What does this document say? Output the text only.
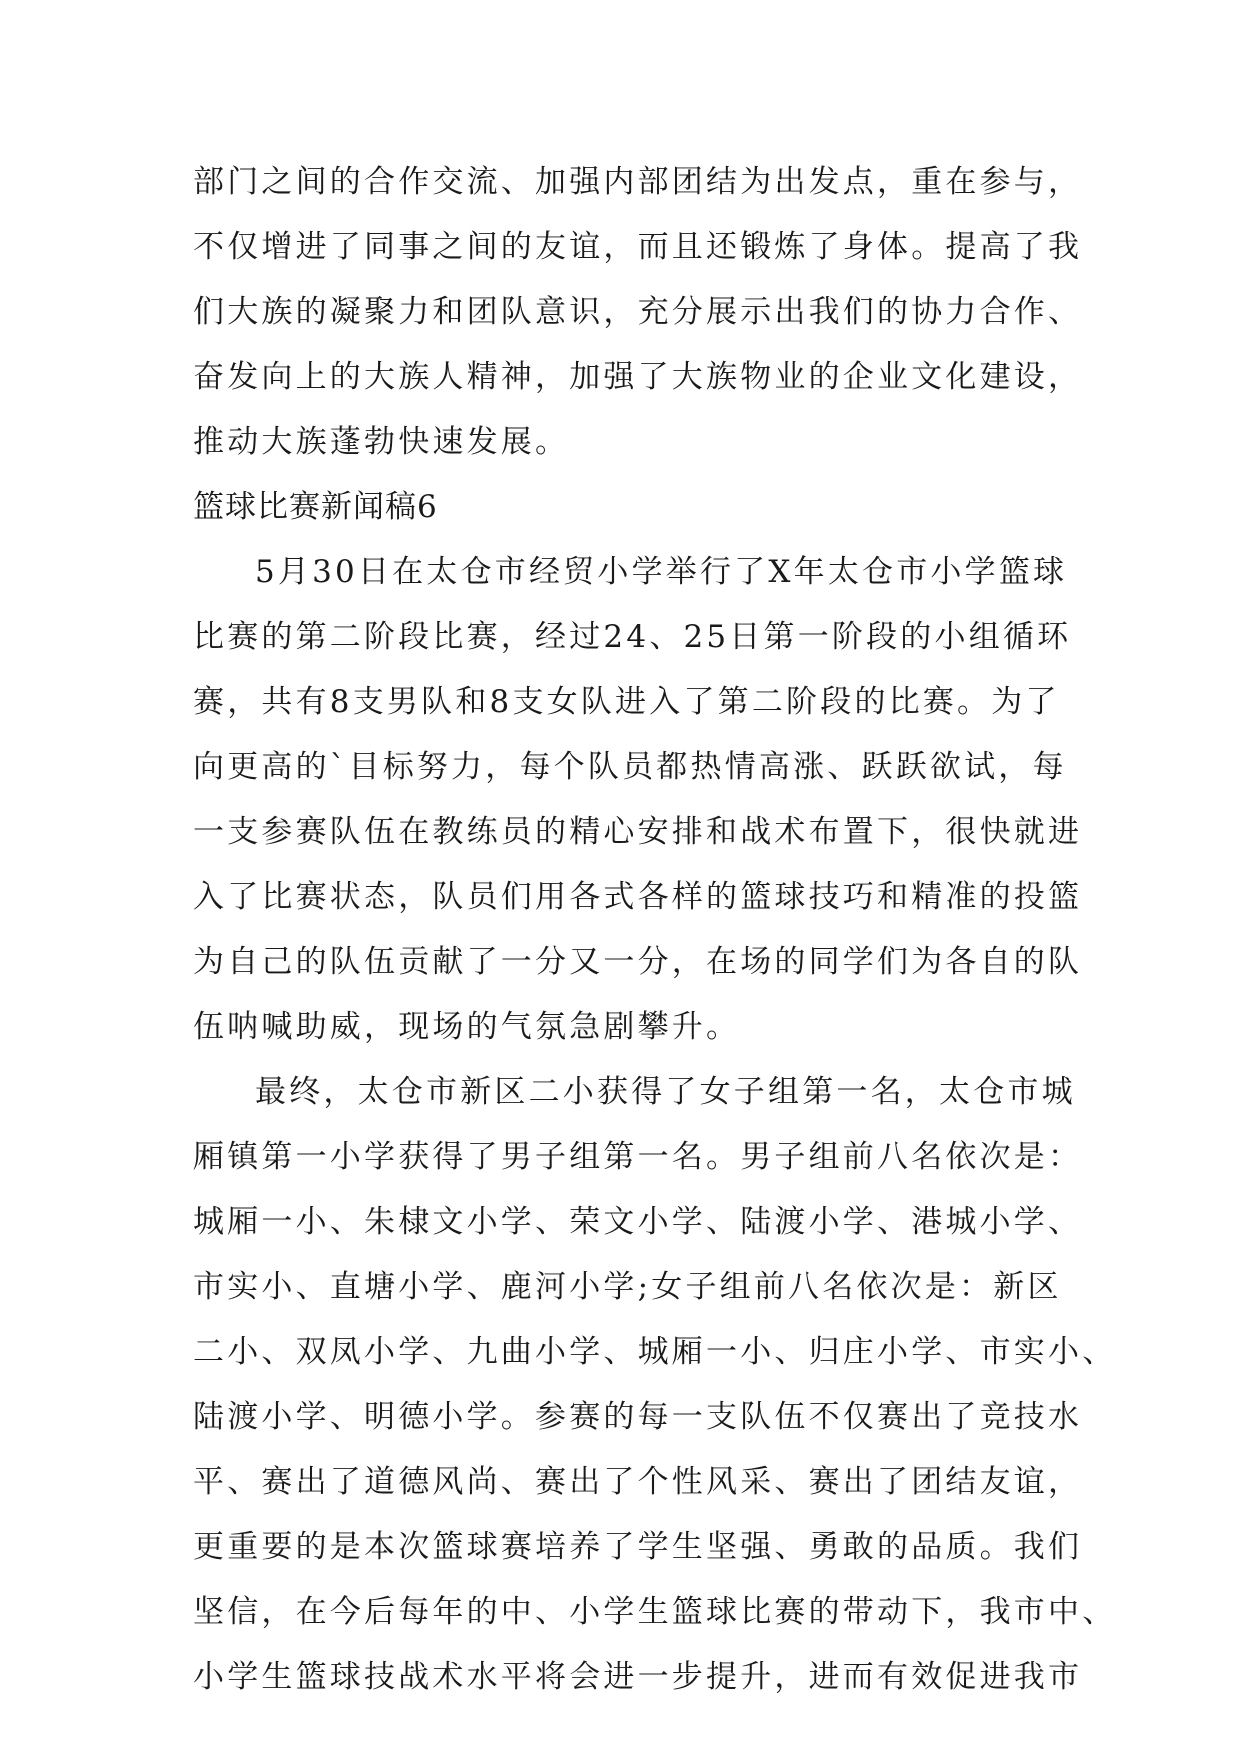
部门之间的合作交流、加强内部团结为出发点，重在参与，
不仅增进了同事之间的友谊，而且还锻炼了身体。提高了我
们大族的凝聚力和团队意识，充分展示出我们的协力合作、
奋发向上的大族人精神，加强了大族物业的企业文化建设，
推动大族蓬勃快速发展。
篮球比赛新闻稿6
5月30日在太仓市经贸小学举行了X年太仓市小学篮球
比赛的第二阶段比赛，经过24、25日第一阶段的小组循环
赛，共有8支男队和8支女队进入了第二阶段的比赛。为了
向更高的`目标努力，每个队员都热情高涨、跃跃欲试，每
一支参赛队伍在教练员的精心安排和战术布置下，很快就进
入了比赛状态，队员们用各式各样的篮球技巧和精准的投篮
为自己的队伍贡献了一分又一分，在场的同学们为各自的队
伍呐喊助威，现场的气氛急剧攀升。
最终，太仓市新区二小获得了女子组第一名，太仓市城
厢镇第一小学获得了男子组第一名。男子组前八名依次是：
城厢一小、朱棣文小学、荣文小学、陆渡小学、港城小学、
市实小、直塘小学、鹿河小学;女子组前八名依次是：新区
二小、双凤小学、九曲小学、城厢一小、归庄小学、市实小、
陆渡小学、明德小学。参赛的每一支队伍不仅赛出了竞技水
平、赛出了道德风尚、赛出了个性风采、赛出了团结友谊，
更重要的是本次篮球赛培养了学生坚强、勇敢的品质。我们
坚信，在今后每年的中、小学生篮球比赛的带动下，我市中、
小学生篮球技战术水平将会进一步提升，进而有效促进我市
